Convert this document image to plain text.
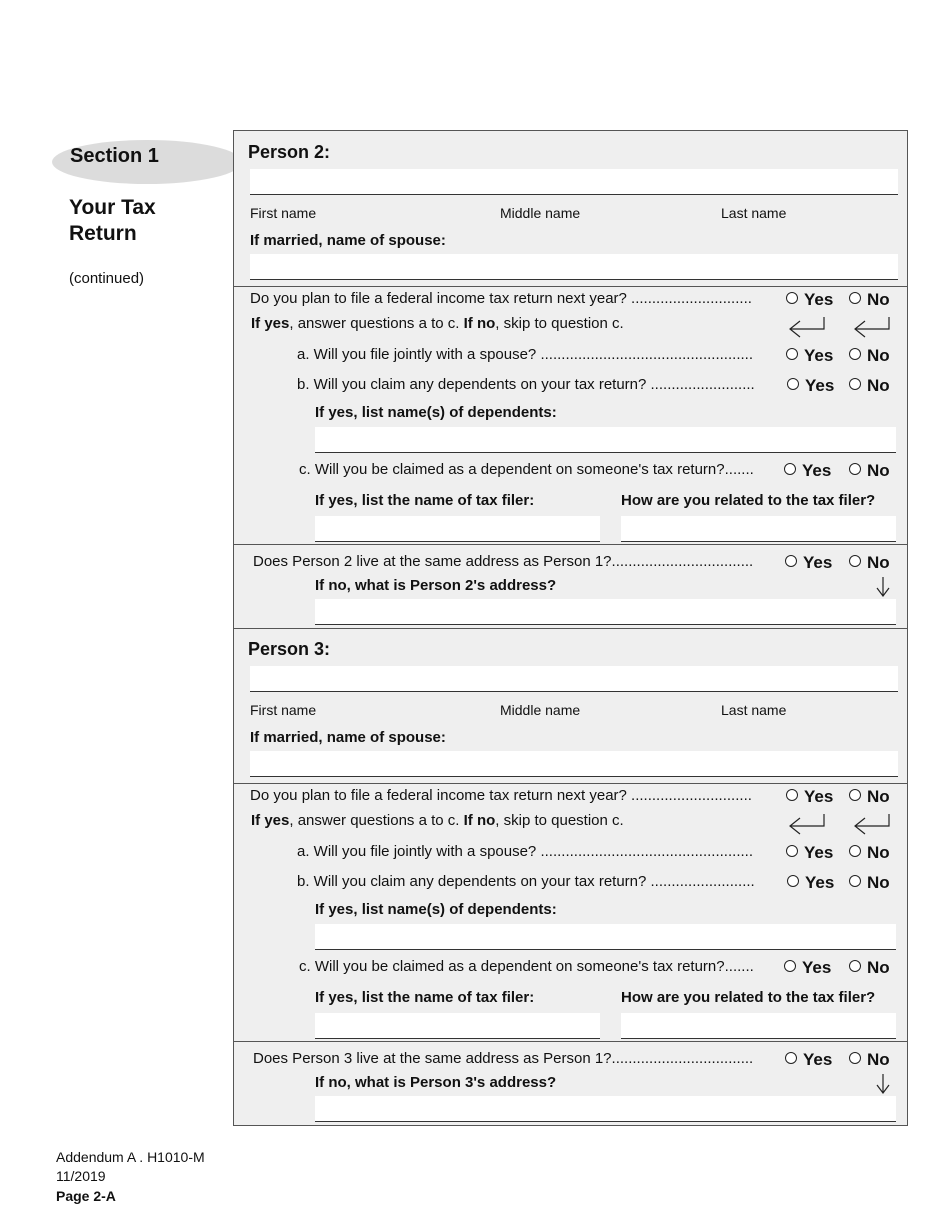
Section 1
Your Tax Return
(continued)
Person 2:
First name	Middle name	Last name
If married, name of spouse:
Do you plan to file a federal income tax return next year? .............................	Yes	No
If yes, answer questions a to c. If no, skip to question c.
a. Will you file jointly with a spouse? ...................................................	Yes	No
b. Will you claim any dependents on your tax return? .........................	Yes	No
If yes, list name(s) of dependents:
c. Will you be claimed as a dependent on someone's tax return?.......	Yes	No
If yes, list the name of tax filer:	How are you related to the tax filer?
Does Person 2 live at the same address as Person 1?..................................	Yes	No
If no, what is Person 2's address?
Person 3:
First name	Middle name	Last name
If married, name of spouse:
Do you plan to file a federal income tax return next year? .............................	Yes	No
If yes, answer questions a to c. If no, skip to question c.
a. Will you file jointly with a spouse? ...................................................	Yes	No
b. Will you claim any dependents on your tax return? .........................	Yes	No
If yes, list name(s) of dependents:
c. Will you be claimed as a dependent on someone's tax return?.......	Yes	No
If yes, list the name of tax filer:	How are you related to the tax filer?
Does Person 3 live at the same address as Person 1?..................................	Yes	No
If no, what is Person 3's address?
Addendum A . H1010-M
11/2019
Page 2-A
